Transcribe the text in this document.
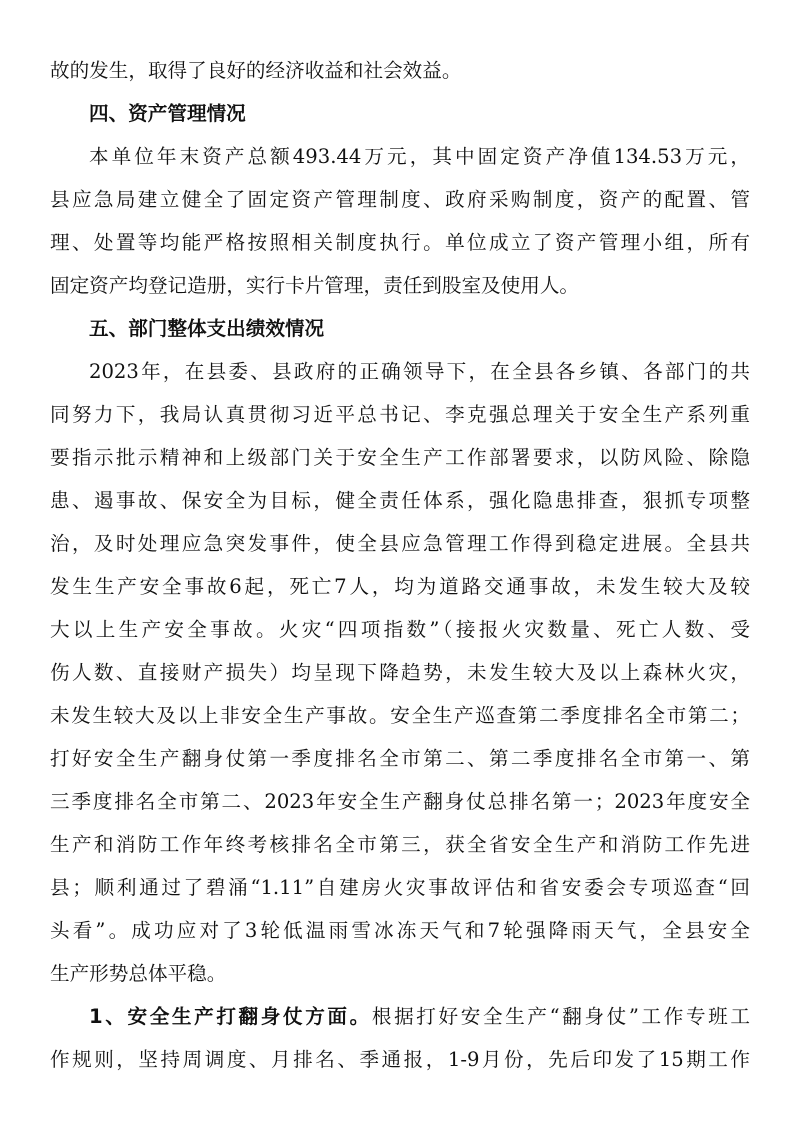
故的发生，取得了良好的经济收益和社会效益。
四、资产管理情况
本单位年末资产总额493.44万元，其中固定资产净值134.53万元，
县应急局建立健全了固定资产管理制度、政府采购制度，资产的配置、管
理、处置等均能严格按照相关制度执行。单位成立了资产管理小组，所有
固定资产均登记造册，实行卡片管理，责任到股室及使用人。
五、部门整体支出绩效情况
2023年，在县委、县政府的正确领导下，在全县各乡镇、各部门的共
同努力下，我局认真贯彻习近平总书记、李克强总理关于安全生产系列重
要指示批示精神和上级部门关于安全生产工作部署要求，以防风险、除隐
患、遏事故、保安全为目标，健全责任体系，强化隐患排查，狠抓专项整
治，及时处理应急突发事件，使全县应急管理工作得到稳定进展。全县共
发生生产安全事故6起，死亡7人，均为道路交通事故，未发生较大及较
大以上生产安全事故。火灾“四项指数”（接报火灾数量、死亡人数、受
伤人数、直接财产损失）均呈现下降趋势，未发生较大及以上森林火灾，
未发生较大及以上非安全生产事故。安全生产巡查第二季度排名全市第二；
打好安全生产翻身仗第一季度排名全市第二、第二季度排名全市第一、第
三季度排名全市第二、2023年安全生产翻身仗总排名第一；2023年度安全
生产和消防工作年终考核排名全市第三，获全省安全生产和消防工作先进
县；顺利通过了碧涌“1.11”自建房火灾事故评估和省安委会专项巡查“回
头看”。成功应对了3轮低温雨雪冰冻天气和7轮强降雨天气，全县安全
生产形势总体平稳。
1、安全生产打翻身仗方面。根据打好安全生产“翻身仗”工作专班工
作规则，坚持周调度、月排名、季通报，1-9月份，先后印发了15期工作
